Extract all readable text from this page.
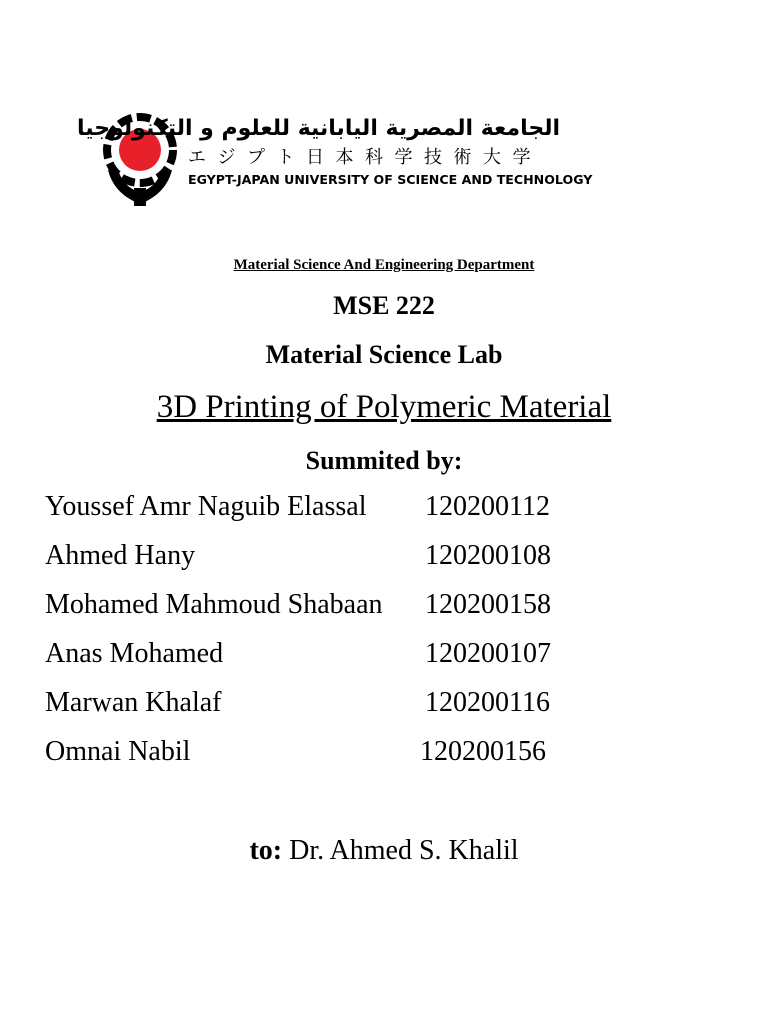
الجامعة المصرية اليابانية للعلوم و التكنولوجيا
エジプト日本科学技術大学
EGYPT-JAPAN UNIVERSITY OF SCIENCE AND TECHNOLOGY
Material Science And Engineering Department
MSE 222
Material Science Lab
3D Printing of Polymeric Material
Summited by:
Youssef Amr Naguib Elassal 120200112
Ahmed Hany	120200108
Mohamed Mahmoud Shabaan 120200158
Anas Mohamed	120200107
Marwan Khalaf	120200116
Omnai Nabil	120200156
to: Dr. Ahmed S. Khalil
